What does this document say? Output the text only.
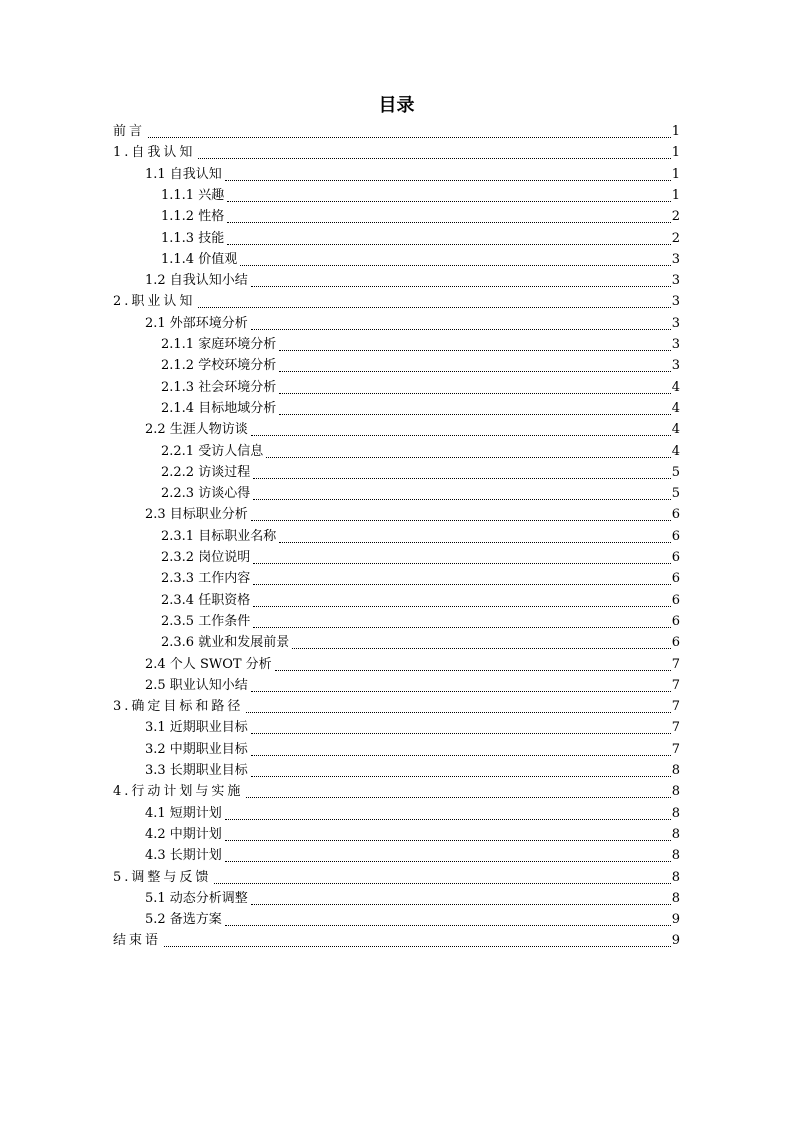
目录
前言	1
1.自我认知	1
1.1 自我认知	1
1.1.1 兴趣	1
1.1.2 性格	2
1.1.3 技能	2
1.1.4 价值观	3
1.2 自我认知小结	3
2.职业认知	3
2.1 外部环境分析	3
2.1.1 家庭环境分析	3
2.1.2 学校环境分析	3
2.1.3 社会环境分析	4
2.1.4 目标地域分析	4
2.2 生涯人物访谈	4
2.2.1 受访人信息	4
2.2.2 访谈过程	5
2.2.3 访谈心得	5
2.3 目标职业分析	6
2.3.1 目标职业名称	6
2.3.2 岗位说明	6
2.3.3 工作内容	6
2.3.4 任职资格	6
2.3.5 工作条件	6
2.3.6 就业和发展前景	6
2.4 个人 SWOT 分析	7
2.5 职业认知小结	7
3.确定目标和路径	7
3.1 近期职业目标	7
3.2 中期职业目标	7
3.3 长期职业目标	8
4.行动计划与实施	8
4.1 短期计划	8
4.2 中期计划	8
4.3 长期计划	8
5.调整与反馈	8
5.1 动态分析调整	8
5.2 备选方案	9
结束语	9
